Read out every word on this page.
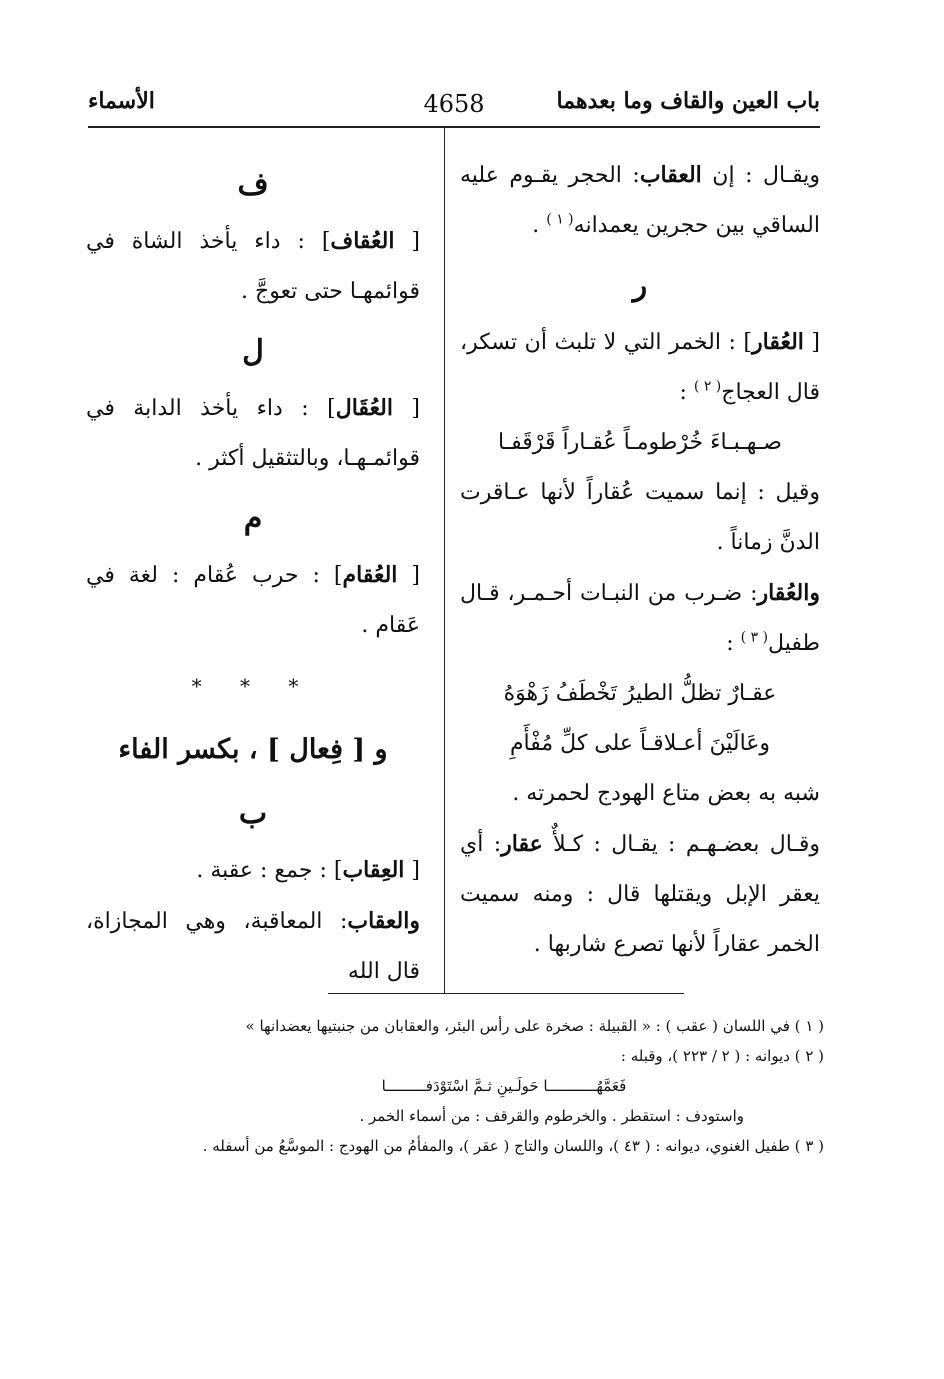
باب العين والقاف وما بعدهما
4658
الأسماء

ويقـال : إن العقاب: الحجر يقـوم عليه الساقي بين حجرين يعمدانه$^{( ١ )}$ .

ر

[ العُقار] : الخمر التي لا تلبث أن تسكر، قال العجاج$^{( ٢ )}$ :

صـهـبـاءَ خُرْطومـاً عُقـاراً قَرْقَفـا

وقيل : إنما سميت عُقاراً لأنها عـاقرت الدنَّ زماناً .

والعُقار: ضـرب من النبـات أحـمـر، قـال طفيل$^{( ٣ )}$ :

عقـارٌ تظلُّ الطيرُ تَخْطَفُ زَهْوَهُ

وعَالَيْنَ أعـلاقـاً على كلِّ مُفْأَمِ

شبه به بعض متاع الهودج لحمرته .

وقـال بعضـهـم : يقـال : كـلأٌ عقار: أي يعقر الإبل ويقتلها قال : ومنه سميت الخمر عقاراً لأنها تصرع شاربها .

ف

[ العُقاف] : داء يأخذ الشاة في قوائمهـا حتى تعوجَّ .

ل

[ العُقَال] : داء يأخذ الدابة في قوائمـهـا، وبالتثقيل أكثر .

م

[ العُقام] : حرب عُقام : لغة في عَقام .

* * *
و [ فِعال ] ، بكسر الفاء
ب

[ العِقاب] : جمع : عقبة .

والعقاب: المعاقبة، وهي المجازاة، قال الله

( ١ ) في اللسان ( عقب ) : « القبيلة : صخرة على رأس البئر، والعقابان من جنبتيها يعضدانها »

( ٢ ) ديوانه : ( ٢ / ٢٢٣ )، وقبله :

فَعَمَّهُـــــــــــا حَولَـينِ ثـمَّ اسْتَوْدَفـــــــــا

واستودف : استقطر . والخرطوم والقرقف : من أسماء الخمر .

( ٣ ) طفيل الغنوي، ديوانه : ( ٤٣ )، واللسان والتاج ( عقر )، والمفأمُ من الهودج : الموسَّعُ من أسفله .
